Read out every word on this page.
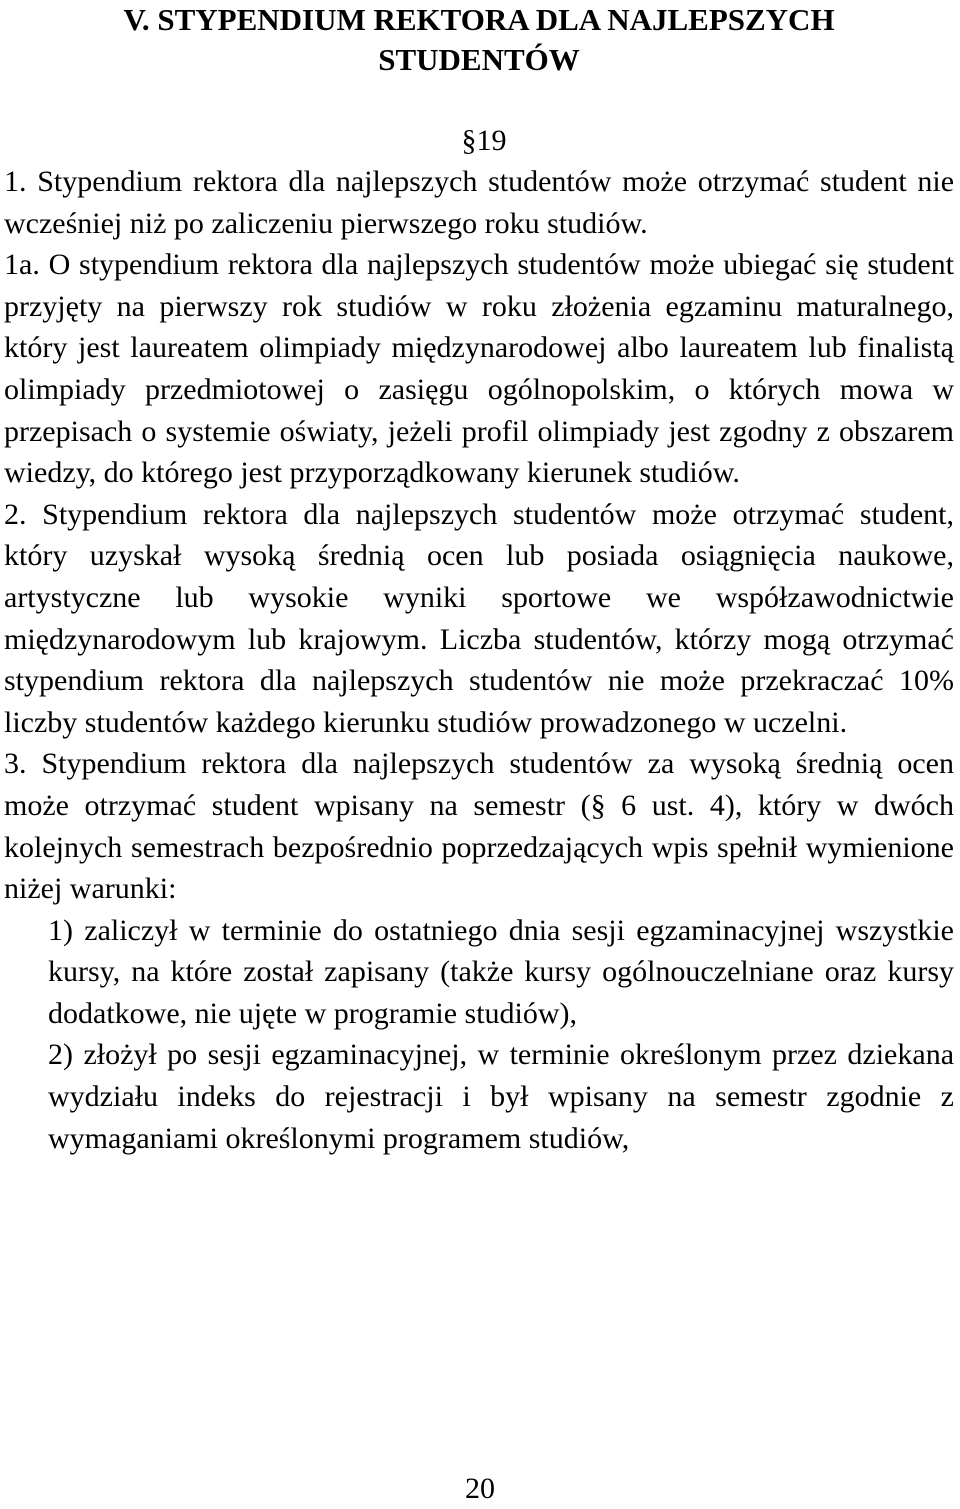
V. STYPENDIUM REKTORA DLA NAJLEPSZYCH
STUDENTÓW
§19

1. Stypendium rektora dla najlepszych studentów może otrzymać student nie wcześniej niż po zaliczeniu pierwszego roku studiów.

1a. O stypendium rektora dla najlepszych studentów może ubiegać się student przyjęty na pierwszy rok studiów w roku złożenia egzaminu maturalnego, który jest laureatem olimpiady międzynarodowej albo laureatem lub finalistą olimpiady przedmiotowej o zasięgu ogólnopolskim, o których mowa w przepisach o systemie oświaty, jeżeli profil olimpiady jest zgodny z obszarem wiedzy, do którego jest przyporządkowany kierunek studiów.

2. Stypendium rektora dla najlepszych studentów może otrzymać student, który uzyskał wysoką średnią ocen lub posiada osiągnięcia naukowe, artystyczne lub wysokie wyniki sportowe we współzawodnictwie międzynarodowym lub krajowym. Liczba studentów, którzy mogą otrzymać stypendium rektora dla najlepszych studentów nie może przekraczać 10% liczby studentów każdego kierunku studiów prowadzonego w uczelni.

3. Stypendium rektora dla najlepszych studentów za wysoką średnią ocen może otrzymać student wpisany na semestr (§ 6 ust. 4), który w dwóch kolejnych semestrach bezpośrednio poprzedzających wpis spełnił wymienione niżej warunki:

1) zaliczył w terminie do ostatniego dnia sesji egzaminacyjnej wszystkie kursy, na które został zapisany (także kursy ogólnouczelniane oraz kursy dodatkowe, nie ujęte w programie studiów),
2) złożył po sesji egzaminacyjnej, w terminie określonym przez dziekana wydziału indeks do rejestracji i był wpisany na semestr zgodnie z wymaganiami określonymi programem studiów,
20
